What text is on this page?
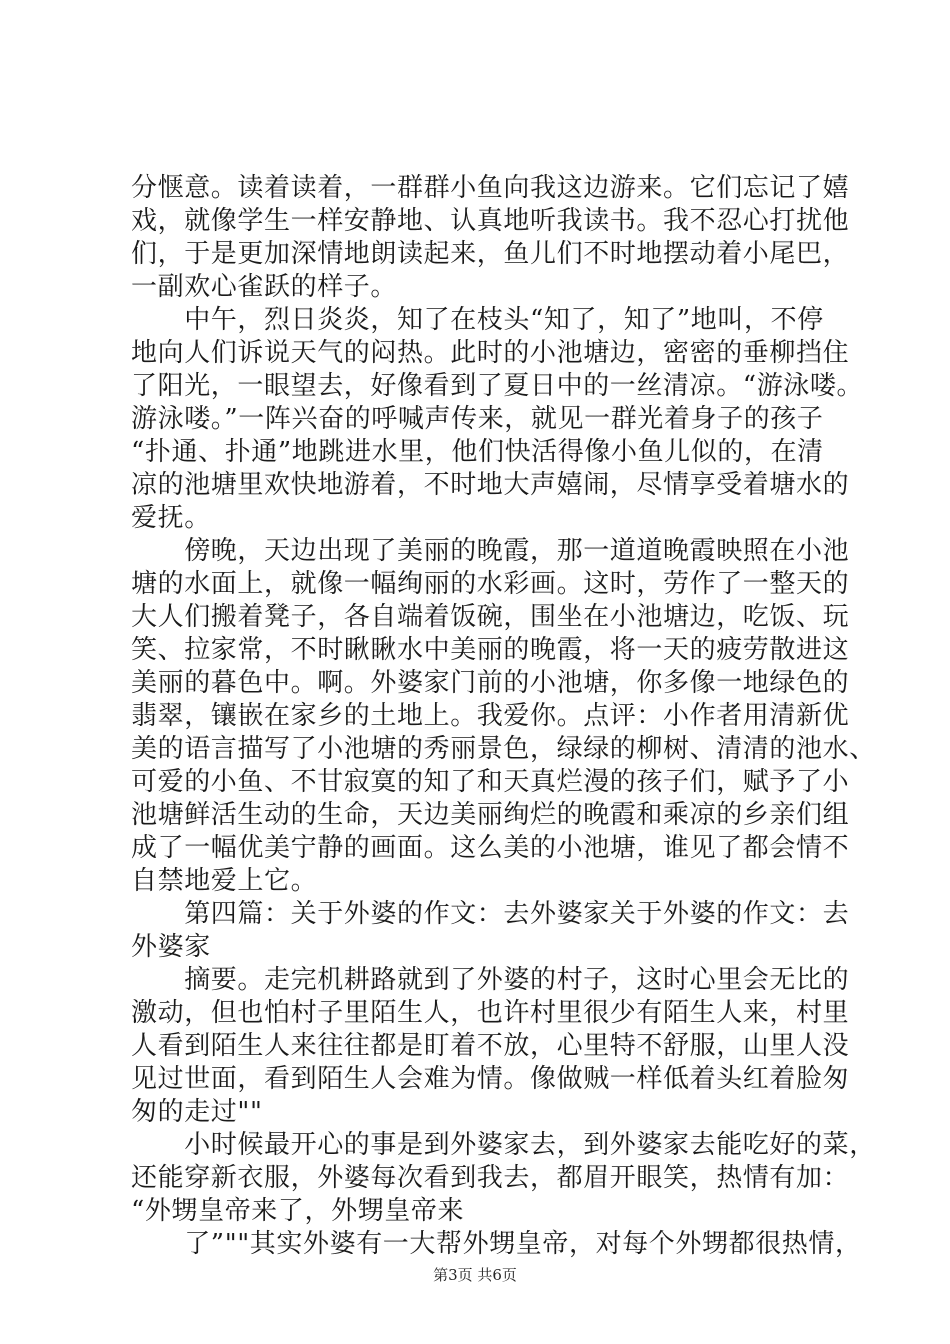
分惬意。读着读着，一群群小鱼向我这边游来。它们忘记了嬉
戏，就像学生一样安静地、认真地听我读书。我不忍心打扰他
们，于是更加深情地朗读起来，鱼儿们不时地摆动着小尾巴，
一副欢心雀跃的样子。
　　中午，烈日炎炎，知了在枝头“知了，知了”地叫，不停
地向人们诉说天气的闷热。此时的小池塘边，密密的垂柳挡住
了阳光，一眼望去，好像看到了夏日中的一丝清凉。“游泳喽。
游泳喽。”一阵兴奋的呼喊声传来，就见一群光着身子的孩子
“扑通、扑通”地跳进水里，他们快活得像小鱼儿似的，在清
凉的池塘里欢快地游着，不时地大声嬉闹，尽情享受着塘水的
爱抚。
　　傍晚，天边出现了美丽的晚霞，那一道道晚霞映照在小池
塘的水面上，就像一幅绚丽的水彩画。这时，劳作了一整天的
大人们搬着凳子，各自端着饭碗，围坐在小池塘边，吃饭、玩
笑、拉家常，不时瞅瞅水中美丽的晚霞，将一天的疲劳散进这
美丽的暮色中。啊。外婆家门前的小池塘，你多像一地绿色的
翡翠，镶嵌在家乡的土地上。我爱你。点评：小作者用清新优
美的语言描写了小池塘的秀丽景色，绿绿的柳树、清清的池水、
可爱的小鱼、不甘寂寞的知了和天真烂漫的孩子们，赋予了小
池塘鲜活生动的生命，天边美丽绚烂的晚霞和乘凉的乡亲们组
成了一幅优美宁静的画面。这么美的小池塘，谁见了都会情不
自禁地爱上它。
　　第四篇：关于外婆的作文：去外婆家关于外婆的作文：去
外婆家
　　摘要。走完机耕路就到了外婆的村子，这时心里会无比的
激动，但也怕村子里陌生人，也许村里很少有陌生人来，村里
人看到陌生人来往往都是盯着不放，心里特不舒服，山里人没
见过世面，看到陌生人会难为情。像做贼一样低着头红着脸匆
匆的走过""
　　小时候最开心的事是到外婆家去，到外婆家去能吃好的菜，
还能穿新衣服，外婆每次看到我去，都眉开眼笑，热情有加：
“外甥皇帝来了，外甥皇帝来
　　了”""其实外婆有一大帮外甥皇帝，对每个外甥都很热情，
第3页 共6页
